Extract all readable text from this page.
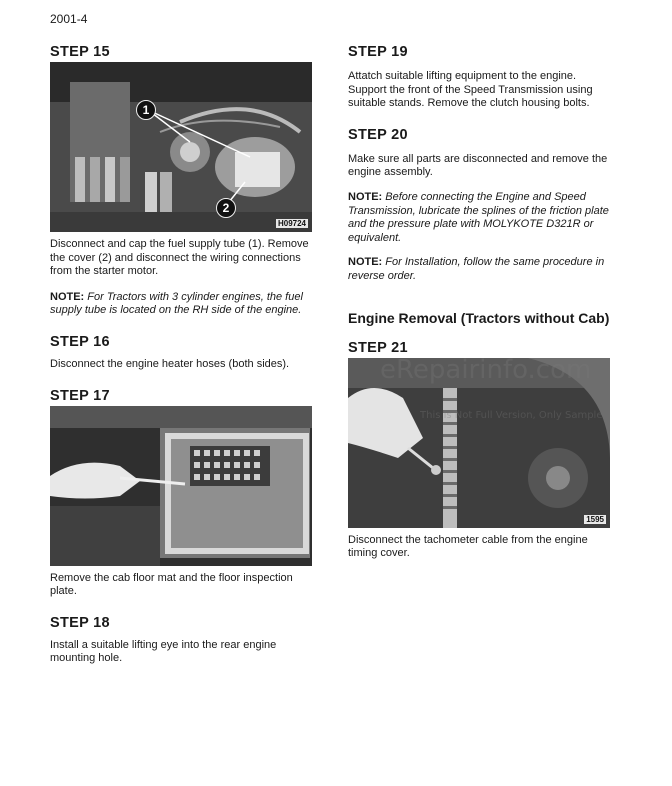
2001-4
STEP 15
1
2
H09724

Disconnect and cap the fuel supply tube (1). Remove the cover (2) and disconnect the wiring connections from the starter motor.

NOTE: For Tractors with 3 cylinder engines, the fuel supply tube is located on the RH side of the engine.

STEP 16

Disconnect the engine heater hoses (both sides).

STEP 17

Remove the cab floor mat and the floor inspection plate.

STEP 18

Install a suitable lifting eye into the rear engine mounting hole.

STEP 19

Attatch suitable lifting equipment to the engine. Support the front of the Speed Transmission using suitable stands. Remove the clutch housing bolts.

STEP 20

Make sure all parts are disconnected and remove the engine assembly.

NOTE: Before connecting the Engine and Speed Transmission, lubricate the splines of the friction plate and the pressure plate with MOLYKOTE D321R or equivalent.

NOTE: For Installation, follow the same procedure in reverse order.

Engine Removal (Tractors without Cab)
STEP 21
1595

Disconnect the tachometer cable from the engine timing cover.

eRepairinfo.com
This is Not Full Version, Only Sample
